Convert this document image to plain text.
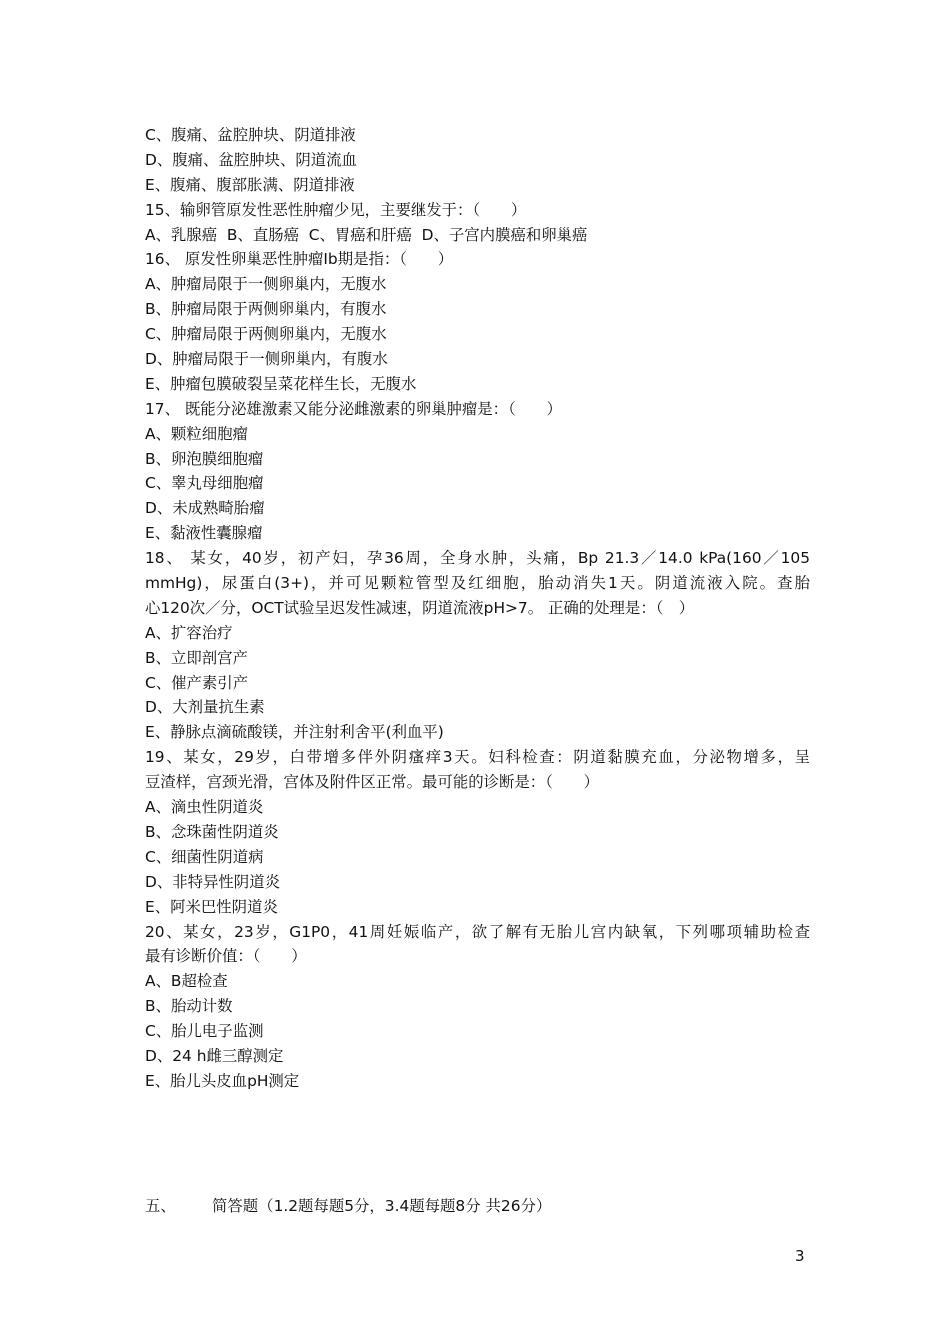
C、腹痛、盆腔肿块、阴道排液
D、腹痛、盆腔肿块、阴道流血
E、腹痛、腹部胀满、阴道排液
15、输卵管原发性恶性肿瘤少见，主要继发于：（　　）
A、乳腺癌  B、直肠癌  C、胃癌和肝癌  D、子宫内膜癌和卵巢癌
16、 原发性卵巢恶性肿瘤Ⅰb期是指：（　　）
A、肿瘤局限于一侧卵巢内，无腹水
B、肿瘤局限于两侧卵巢内，有腹水
C、肿瘤局限于两侧卵巢内，无腹水
D、肿瘤局限于一侧卵巢内，有腹水
E、肿瘤包膜破裂呈菜花样生长，无腹水
17、 既能分泌雄激素又能分泌雌激素的卵巢肿瘤是：（　　）
A、颗粒细胞瘤
B、卵泡膜细胞瘤
C、睾丸母细胞瘤
D、未成熟畸胎瘤
E、黏液性囊腺瘤
18、 某女，40岁，初产妇，孕36周，全身水肿，头痛，Bp 21.3／14.0 kPa(160／105
mmHg)，尿蛋白(3+)，并可见颗粒管型及红细胞，胎动消失1天。阴道流液入院。查胎
心120次／分，OCT试验呈迟发性减速，阴道流液pH>7。 正确的处理是：（　）
A、扩容治疗
B、立即剖宫产
C、催产素引产
D、大剂量抗生素
E、静脉点滴硫酸镁，并注射利舍平(利血平)
19、某女，29岁，白带增多伴外阴瘙痒3天。妇科检查：阴道黏膜充血，分泌物增多，呈
豆渣样，宫颈光滑，宫体及附件区正常。最可能的诊断是：（　　）
A、滴虫性阴道炎
B、念珠菌性阴道炎
C、细菌性阴道病
D、非特异性阴道炎
E、阿米巴性阴道炎
20、某女，23岁，G1P0，41周妊娠临产，欲了解有无胎儿宫内缺氧，下列哪项辅助检查
最有诊断价值：（　　）
A、B超检查
B、胎动计数
C、胎儿电子监测
D、24 h雌三醇测定
E、胎儿头皮血pH测定
五、 简答题（1.2题每题5分，3.4题每题8分 共26分）
3
